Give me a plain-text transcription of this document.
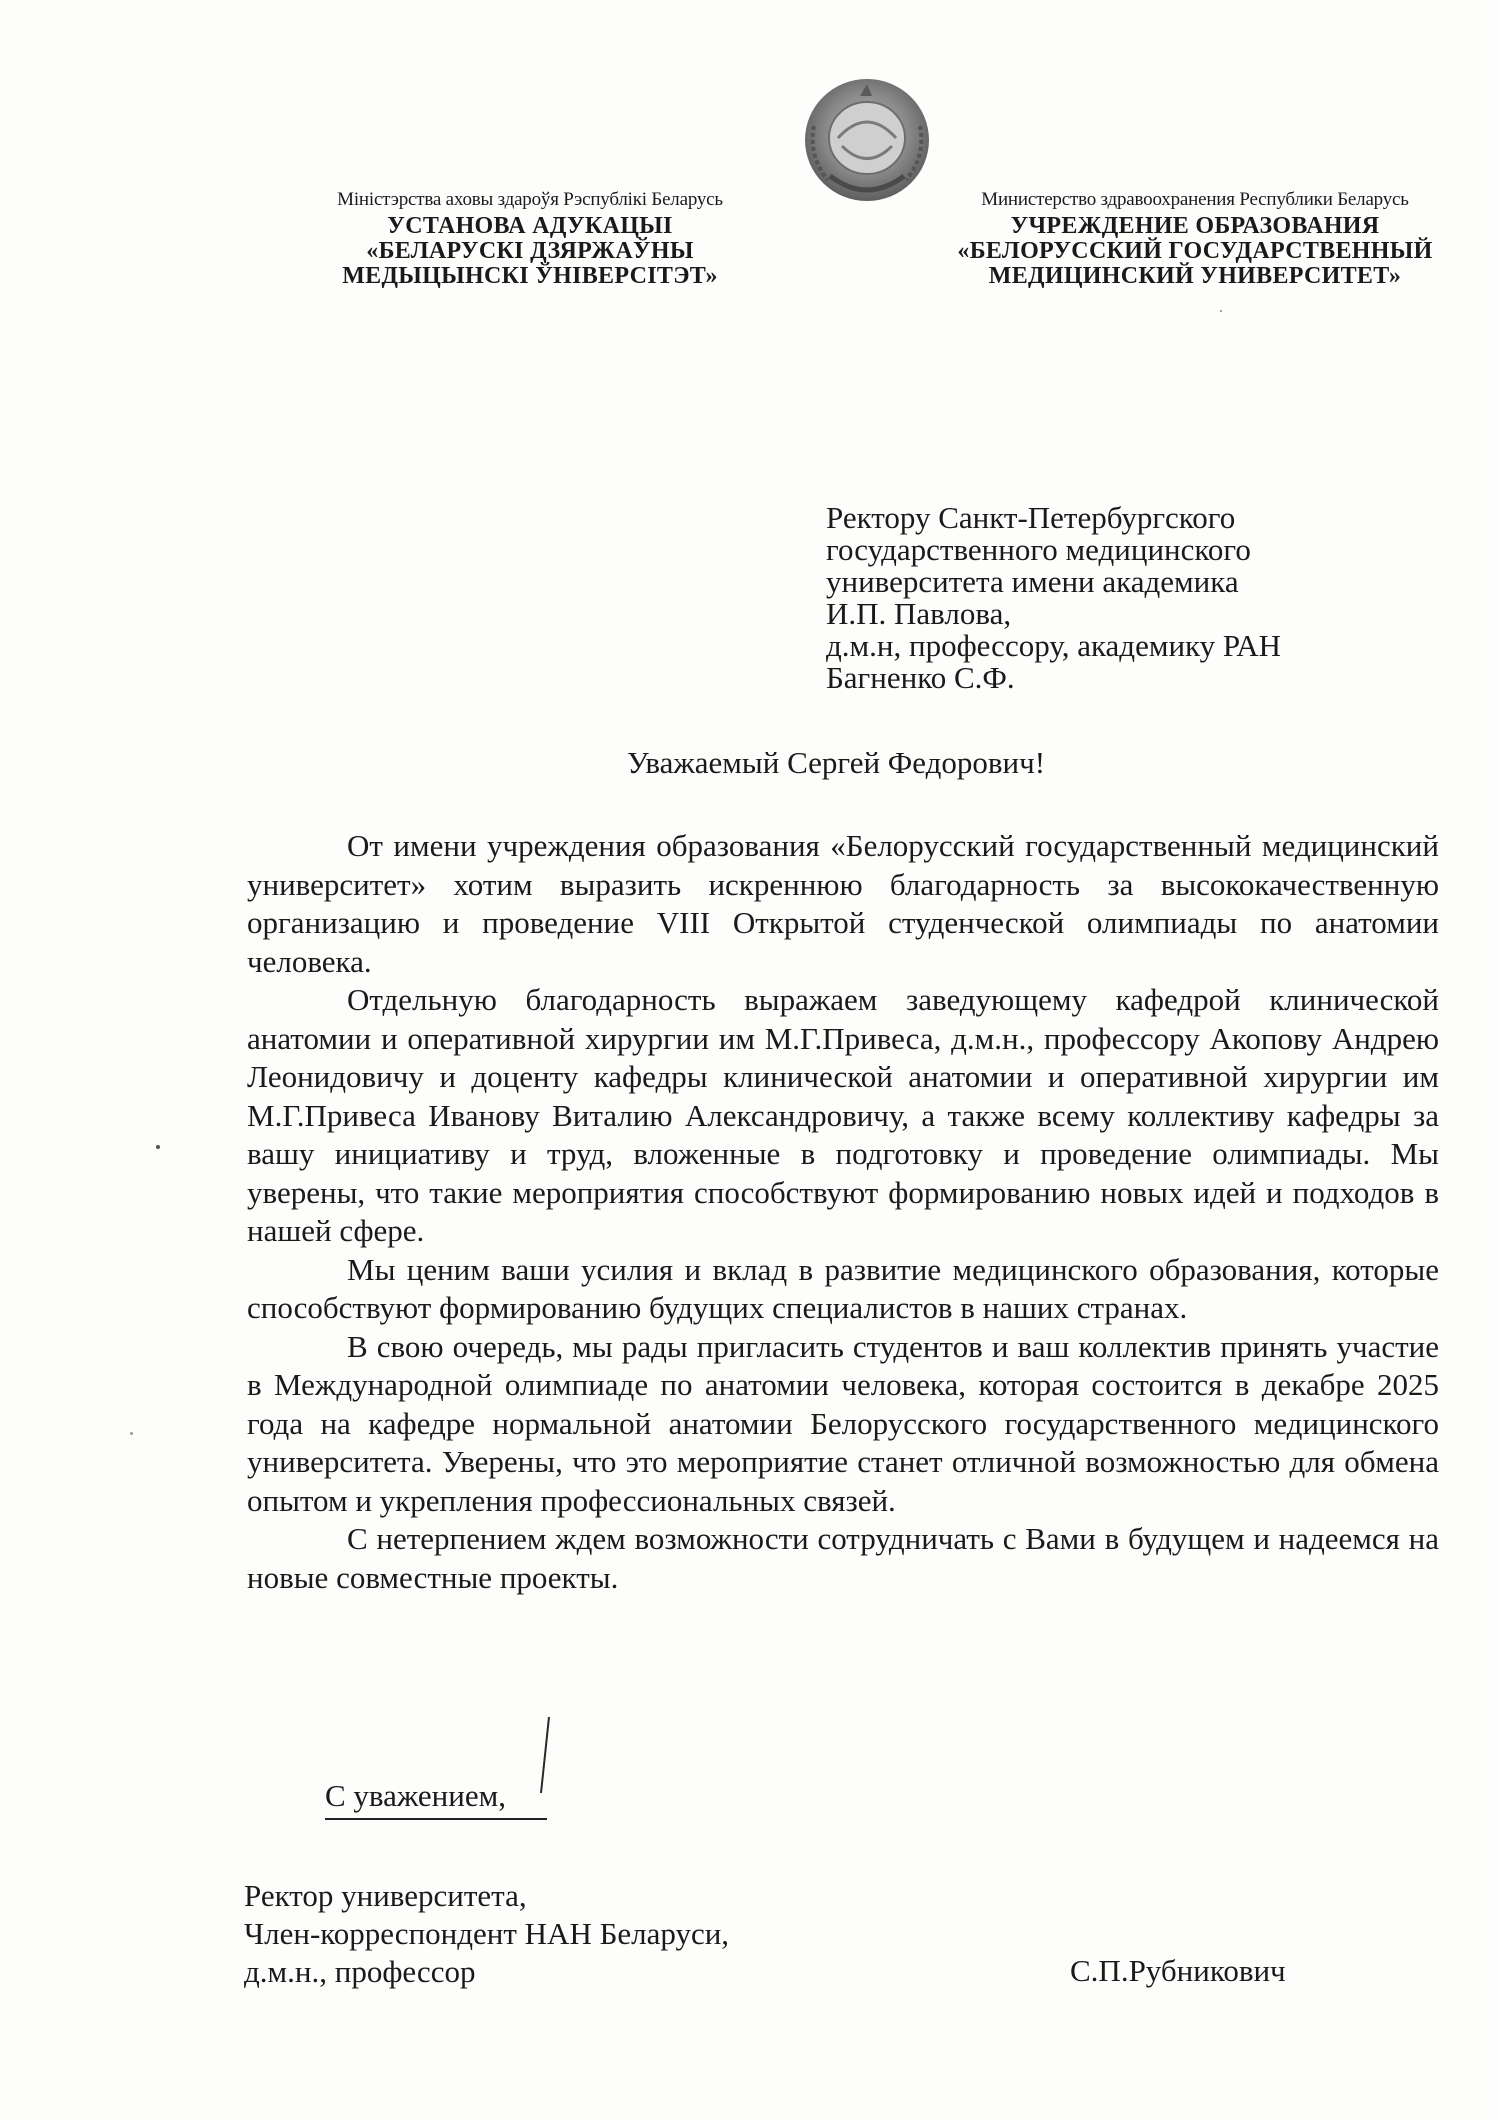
Міністэрства аховы здароўя Рэспублікі Беларусь
УСТАНОВА АДУКАЦЫІ
«БЕЛАРУСКІ ДЗЯРЖАЎНЫ
МЕДЫЦЫНСКІ ЎНІВЕРСІТЭТ»
Министерство здравоохранения Республики Беларусь
УЧРЕЖДЕНИЕ ОБРАЗОВАНИЯ
«БЕЛОРУССКИЙ ГОСУДАРСТВЕННЫЙ
МЕДИЦИНСКИЙ УНИВЕРСИТЕТ»
Ректору Санкт-Петербургского
государственного медицинского
университета имени академика
И.П. Павлова,
д.м.н, профессору, академику РАН
Багненко С.Ф.
Уважаемый Сергей Федорович!

От имени учреждения образования «Белорусский государственный медицинский университет» хотим выразить искреннюю благодарность за высококачественную организацию и проведение VIII Открытой студенческой олимпиады по анатомии человека.

Отдельную благодарность выражаем заведующему кафедрой клинической анатомии и оперативной хирургии им М.Г.Привеса, д.м.н., профессору Акопову Андрею Леонидовичу и доценту кафедры клинической анатомии и оперативной хирургии им М.Г.Привеса Иванову Виталию Александровичу, а также всему коллективу кафедры за вашу инициативу и труд, вложенные в подготовку и проведение олимпиады. Мы уверены, что такие мероприятия способствуют формированию новых идей и подходов в нашей сфере.

Мы ценим ваши усилия и вклад в развитие медицинского образования, которые способствуют формированию будущих специалистов в наших странах.

В свою очередь, мы рады пригласить студентов и ваш коллектив принять участие в Международной олимпиаде по анатомии человека, которая состоится в декабре 2025 года на кафедре нормальной анатомии Белорусского государственного медицинского университета. Уверены, что это мероприятие станет отличной возможностью для обмена опытом и укрепления профессиональных связей.

С нетерпением ждем возможности сотрудничать с Вами в будущем и надеемся на новые совместные проекты.

С уважением,
Ректор университета,
Член-корреспондент НАН Беларуси,
д.м.н., профессор	С.П.Рубникович
